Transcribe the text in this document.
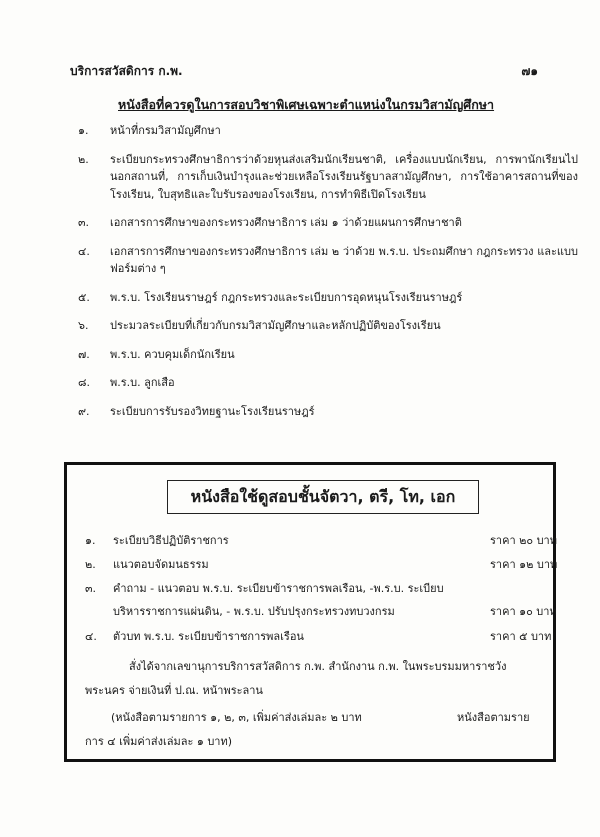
บริการสวัสดิการ ก.พ.	๗๑
หนังสือที่ควรดูในการสอบวิชาพิเศษเฉพาะตำแหน่งในกรมวิสามัญศึกษา
๑.	หน้าที่กรมวิสามัญศึกษา
๒.	ระเบียบกระทรวงศึกษาธิการว่าด้วยหุนส่งเสริมนักเรียนชาติ, เครื่องแบบนักเรียน, การพานักเรียนไปนอกสถานที่, การเก็บเงินบำรุงและช่วยเหลือโรงเรียนรัฐบาลสามัญศึกษา, การใช้อาคารสถานที่ของโรงเรียน, ใบสุทธิและใบรับรองของโรงเรียน, การทำพิธีเปิดโรงเรียน
๓.	เอกสารการศึกษาของกระทรวงศึกษาธิการ เล่ม ๑ ว่าด้วยแผนการศึกษาชาติ
๔.	เอกสารการศึกษาของกระทรวงศึกษาธิการ เล่ม ๒ ว่าด้วย พ.ร.บ. ประถมศึกษา กฎกระทรวง และแบบฟอร์มต่าง ๆ
๕.	พ.ร.บ. โรงเรียนราษฎร์ กฎกระทรวงและระเบียบการอุดหนุนโรงเรียนราษฎร์
๖.	ประมวลระเบียบที่เกี่ยวกับกรมวิสามัญศึกษาและหลักปฏิบัติของโรงเรียน
๗.	พ.ร.บ. ควบคุมเด็กนักเรียน
๘.	พ.ร.บ. ลูกเสือ
๙.	ระเบียบการรับรองวิทยฐานะโรงเรียนราษฎร์
หนังสือใช้ดูสอบชั้นจัตวา, ตรี, โท, เอก
๑. ระเบียบวิธีปฏิบัติราชการ	ราคา ๒๐ บาท
๒. แนวตอบจัดมนธรรม	ราคา ๑๒ บาท
๓. คำถาม - แนวตอบ พ.ร.บ. ระเบียบข้าราชการพลเรือน, -พ.ร.บ. ระเบียบ
บริหารราชการแผ่นดิน, - พ.ร.บ. ปรับปรุงกระทรวงทบวงกรม	ราคา ๑๐ บาท
๔. ตัวบท พ.ร.บ. ระเบียบข้าราชการพลเรือน	ราคา ๕ บาท
สั่งได้จากเลขานุการบริการสวัสดิการ ก.พ. สำนักงาน ก.พ. ในพระบรมมหาราชวัง
พระนคร จ่ายเงินที่ ป.ณ. หน้าพระลาน
(หนังสือตามรายการ ๑, ๒, ๓, เพิ่มค่าส่งเล่มละ ๒ บาท	หนังสือตามราย
การ ๔ เพิ่มค่าส่งเล่มละ ๑ บาท)
